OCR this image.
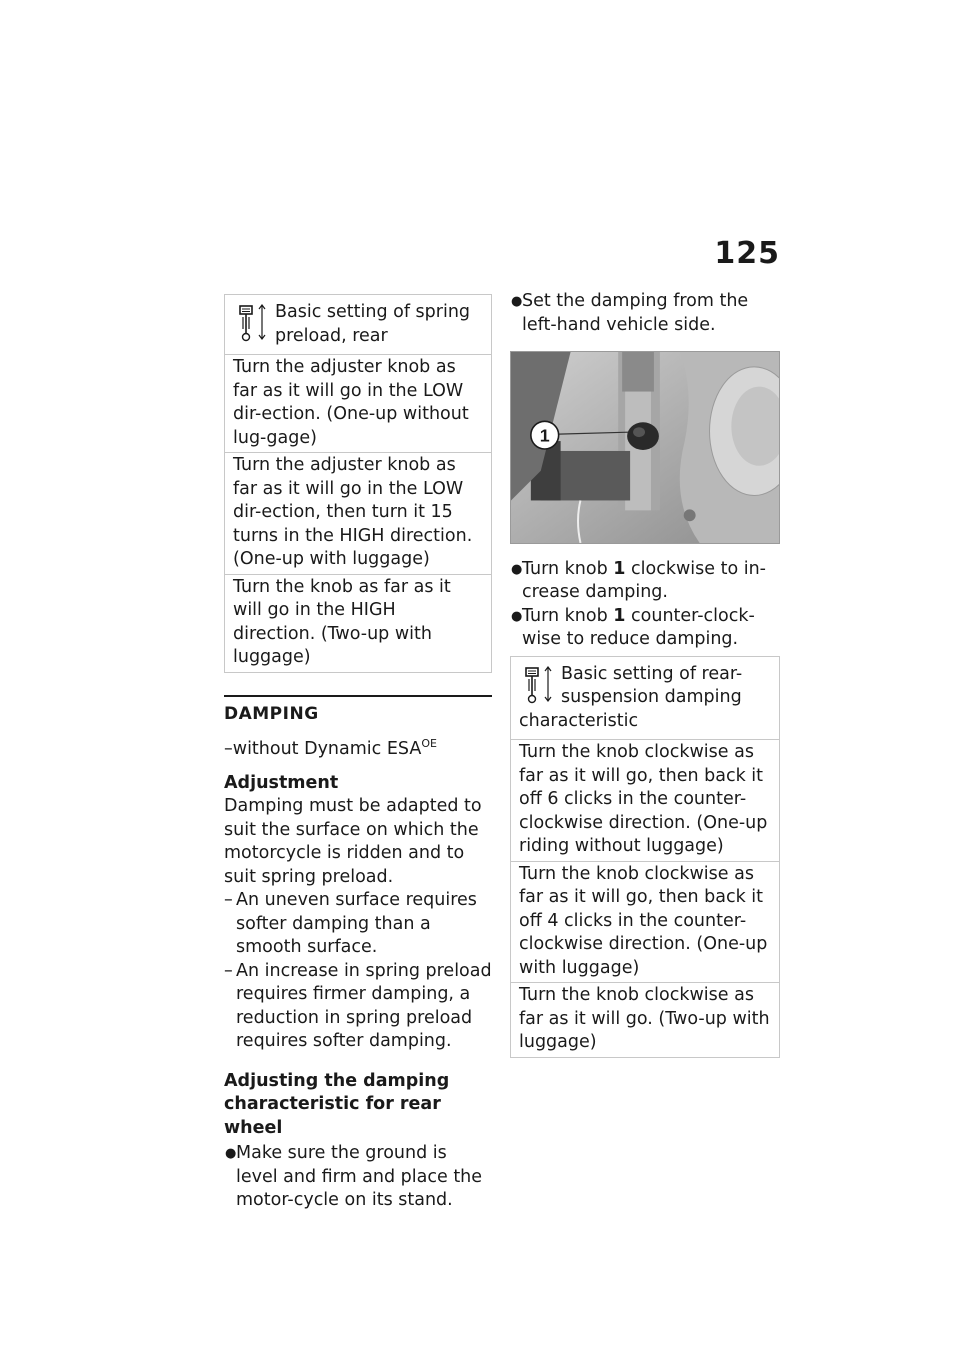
125
Basic setting of spring
preload, rear
Turn the adjuster knob as far as it will go in the LOW dir-ection. (One-up without lug-gage)
Turn the adjuster knob as far as it will go in the LOW dir-ection, then turn it 15 turns in the HIGH direction. (One-up with luggage)
Turn the knob as far as it will go in the HIGH direction. (Two-up with luggage)
DAMPING
–without Dynamic $ESA^{OE}$
Adjustment
Damping must be adapted to suit the surface on which the motorcycle is ridden and to suit spring preload.
– An uneven surface requires softer damping than a smooth surface.
– An increase in spring preload requires firmer damping, a reduction in spring preload requires softer damping.
Adjusting the damping characteristic for rear wheel
● Make sure the ground is level and firm and place the motor-cycle on its stand.
● Set the damping from the left-hand vehicle side.
1
● Turn knob 1 clockwise to in-crease damping.
● Turn knob 1 counter-clock-wise to reduce damping.
Basic setting of rear-
suspension damping
characteristic
Turn the knob clockwise as far as it will go, then back it off 6 clicks in the counter-clockwise direction. (One-up riding without luggage)
Turn the knob clockwise as far as it will go, then back it off 4 clicks in the counter-clockwise direction. (One-up with luggage)
Turn the knob clockwise as far as it will go. (Two-up with luggage)
